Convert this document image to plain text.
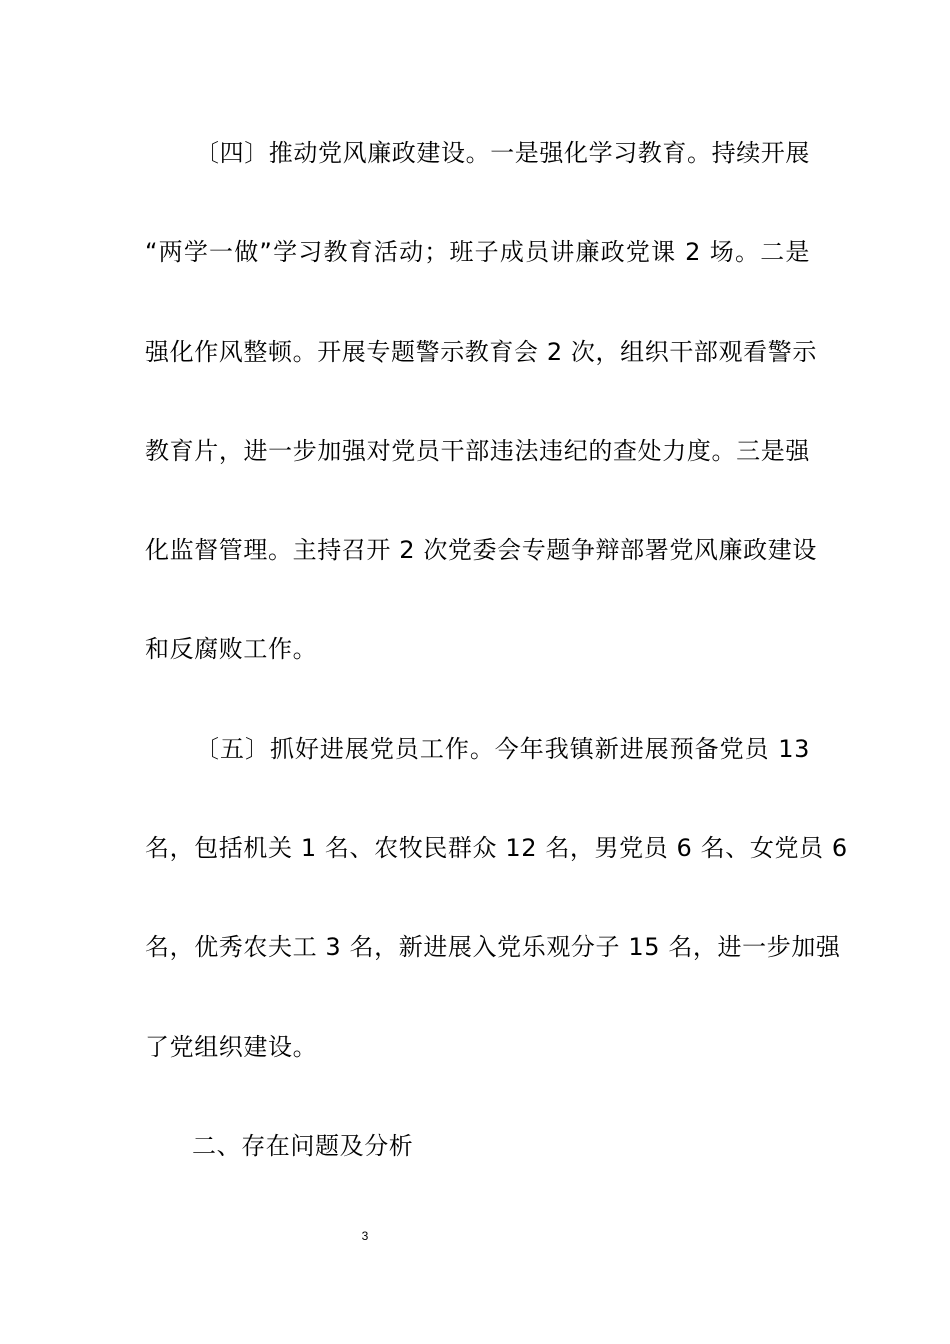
〔四〕推动党风廉政建设。一是强化学习教育。持续开展
“两学一做”学习教育活动；班子成员讲廉政党课 2 场。二是
强化作风整顿。开展专题警示教育会 2 次，组织干部观看警示
教育片，进一步加强对党员干部违法违纪的查处力度。三是强
化监督管理。主持召开 2 次党委会专题争辩部署党风廉政建设
和反腐败工作。
〔五〕抓好进展党员工作。今年我镇新进展预备党员 13
名，包括机关 1 名、农牧民群众 12 名，男党员 6 名、女党员 6
名，优秀农夫工 3 名，新进展入党乐观分子 15 名，进一步加强
了党组织建设。
二、存在问题及分析
3
